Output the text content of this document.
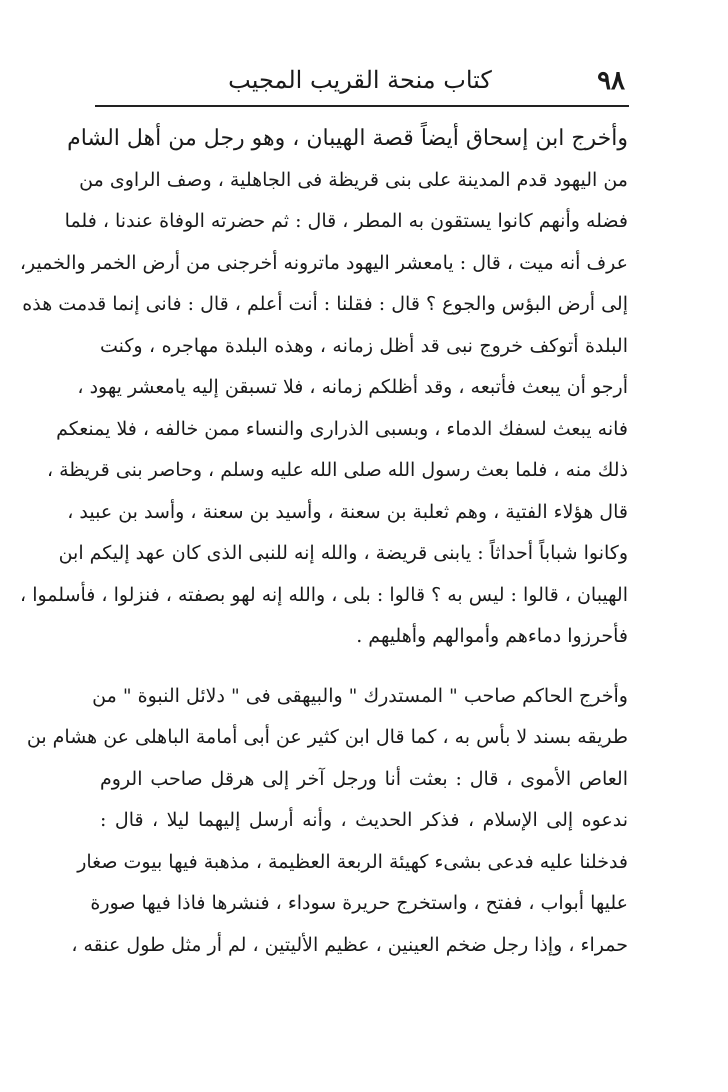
٩٨
كتاب منحة القريب المجيب
وأخرج ابن إسحاق أيضاً قصة الهيبان ، وهو رجل من أهل الشام
من اليهود قدم المدينة على بنى قريظة فى الجاهلية ، وصف الراوى من
فضله وأنهم كانوا يستقون به المطر ، قال : ثم حضرته الوفاة عندنا ، فلما
عرف أنه ميت ، قال : يامعشر اليهود ماترونه أخرجنى من أرض الخمر والخمير،
إلى أرض البؤس والجوع ؟ قال : فقلنا : أنت أعلم ، قال : فانى إنما قدمت هذه
البلدة أتوكف خروج نبى قد أظل زمانه ، وهذه البلدة مهاجره ، وكنت
أرجو أن يبعث فأتبعه ، وقد أظلكم زمانه ، فلا تسبقن إليه يامعشر يهود ،
فانه يبعث لسفك الدماء ، وبسبى الذرارى والنساء ممن خالفه ، فلا يمنعكم
ذلك منه ، فلما بعث رسول الله صلى الله عليه وسلم ، وحاصر بنى قريظة ،
قال هؤلاء الفتية ، وهم ثعلبة بن سعنة ، وأسيد بن سعنة ، وأسد بن عبيد ،
وكانوا شباباً أحداثاً : يابنى قريضة ، والله إنه للنبى الذى كان عهد إليكم ابن
الهيبان ، قالوا : ليس به ؟ قالوا : بلى ، والله إنه لهو بصفته ، فنزلوا ، فأسلموا ،
فأحرزوا دماءهم وأموالهم وأهليهم .
وأخرج الحاكم صاحب " المستدرك " والبيهقى فى " دلائل النبوة " من
طريقه بسند لا بأس به ، كما قال ابن كثير عن أبى أمامة الباهلى عن هشام بن
العاص الأموى ، قال : بعثت أنا ورجل آخر إلى هرقل صاحب الروم
ندعوه إلى الإسلام ، فذكر الحديث ، وأنه أرسل إليهما ليلا ، قال :
فدخلنا عليه فدعى بشىء كهيئة الربعة العظيمة ، مذهبة فيها بيوت صغار
عليها أبواب ، ففتح ، واستخرج حريرة سوداء ، فنشرها فاذا فيها صورة
حمراء ، وإذا رجل ضخم العينين ، عظيم الأليتين ، لم أر مثل طول عنقه ،
